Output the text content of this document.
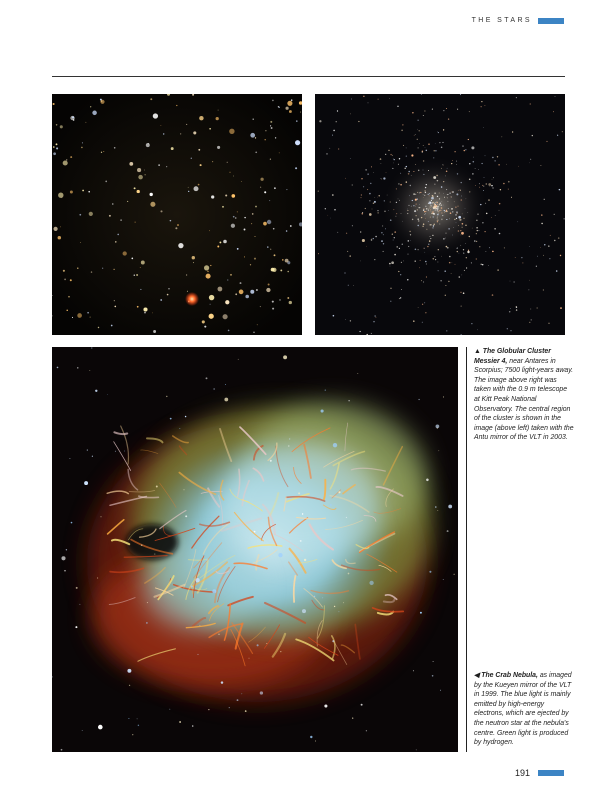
THE STARS
▲ The Globular Cluster Messier 4, near Antares in Scorpius; 7500 light-years away. The image above right was taken with the 0.9 m telescope at Kitt Peak National Observatory. The central region of the cluster is shown in the image (above left) taken with the Antu mirror of the VLT in 2003.
◀ The Crab Nebula, as imaged by the Kueyen mirror of the VLT in 1999. The blue light is mainly emitted by high-energy electrons, which are ejected by the neutron star at the nebula's centre. Green light is produced by hydrogen.
191
